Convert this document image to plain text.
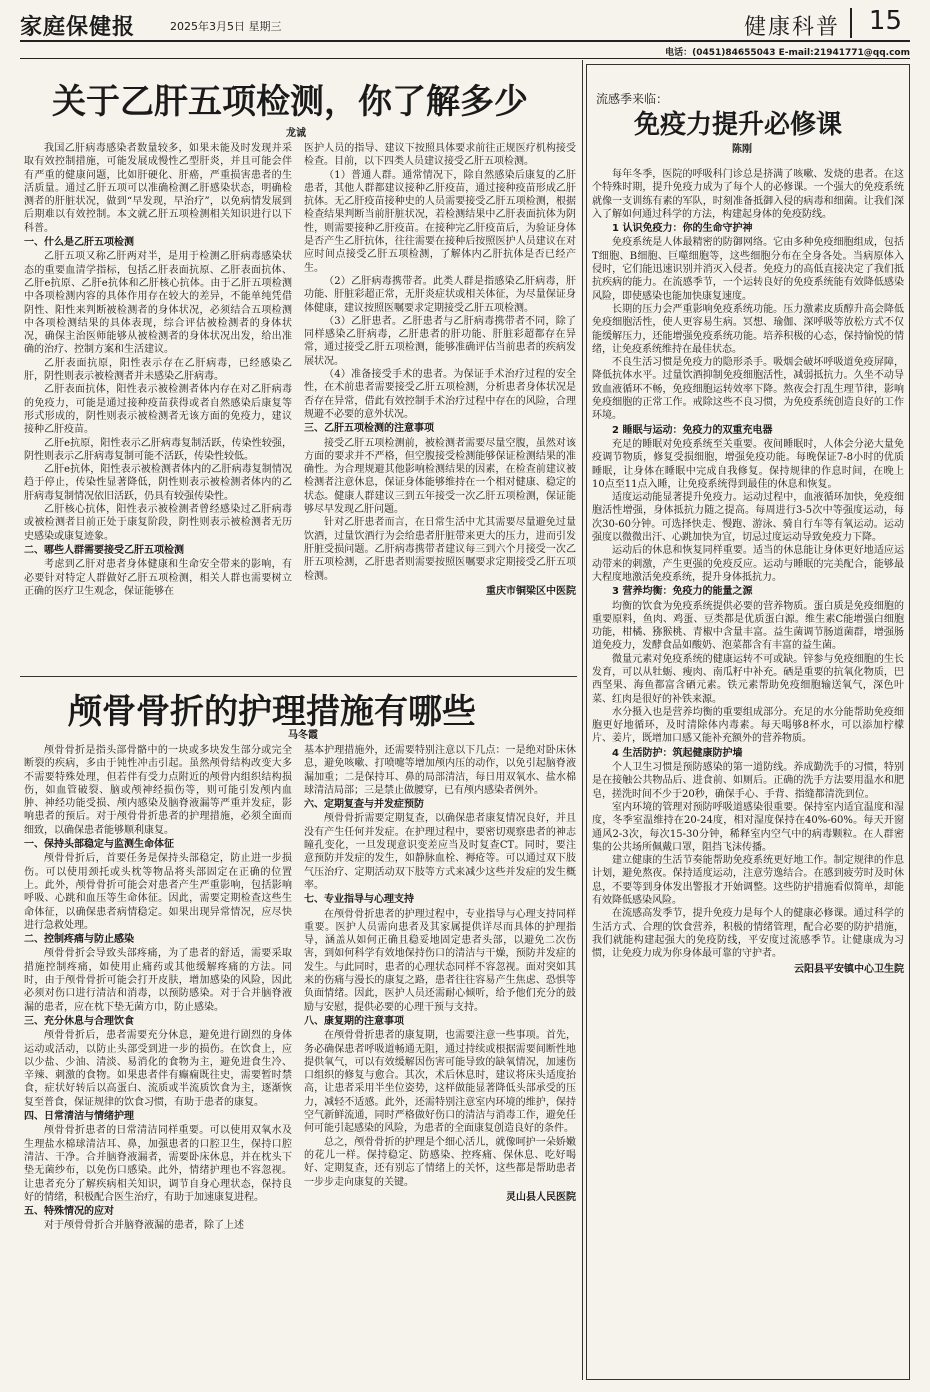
家庭保健报	2025年3月5日 星期三	健康科普 15
电话：(0451)84655043 E-mail:21941771@qq.com
关于乙肝五项检测，你了解多少
龙诚

我国乙肝病毒感染者数量较多，如果未能及时发现并采取有效控制措施，可能发展成慢性乙型肝炎，并且可能会伴有严重的健康问题，比如肝硬化、肝癌，严重损害患者的生活质量。通过乙肝五项可以准确检测乙肝感染状态，明确检测者的肝脏状况，做到“早发现，早治疗”，以免病情发展到后期难以有效控制。本文就乙肝五项检测相关知识进行以下科普。

一、什么是乙肝五项检测

乙肝五项又称乙肝两对半，是用于检测乙肝病毒感染状态的重要血清学指标，包括乙肝表面抗原、乙肝表面抗体、乙肝e抗原、乙肝e抗体和乙肝核心抗体。由于乙肝五项检测中各项检测内容的具体作用存在较大的差异，不能单纯凭借阴性、阳性来判断被检测者的身体状况，必须结合五项检测中各项检测结果的具体表现，综合评估被检测者的身体状况，确保主治医师能够从被检测者的身体状况出发，给出准确的治疗、控制方案和生活建议。

乙肝表面抗原，阳性表示存在乙肝病毒，已经感染乙肝，阴性则表示被检测者并未感染乙肝病毒。

乙肝表面抗体，阳性表示被检测者体内存在对乙肝病毒的免疫力，可能是通过接种疫苗获得或者自然感染后康复等形式形成的，阴性则表示被检测者无该方面的免疫力，建议接种乙肝疫苗。

乙肝e抗原，阳性表示乙肝病毒复制活跃，传染性较强，阴性则表示乙肝病毒复制可能不活跃，传染性较低。

乙肝e抗体，阳性表示被检测者体内的乙肝病毒复制情况趋于停止，传染性显著降低，阴性则表示被检测者体内的乙肝病毒复制情况依旧活跃，仍具有较强传染性。

乙肝核心抗体，阳性表示被检测者曾经感染过乙肝病毒或被检测者目前正处于康复阶段，阴性则表示被检测者无历史感染或康复迹象。

二、哪些人群需要接受乙肝五项检测

考虑到乙肝对患者身体健康和生命安全带来的影响，有必要针对特定人群做好乙肝五项检测，相关人群也需要树立正确的医疗卫生观念，保证能够在

医护人员的指导、建议下按照具体要求前往正规医疗机构接受检查。目前，以下四类人员建议接受乙肝五项检测。

（1）普通人群。通常情况下，除自然感染后康复的乙肝患者，其他人群都建议接种乙肝疫苗，通过接种疫苗形成乙肝抗体。无乙肝疫苗接种史的人员需要接受乙肝五项检测，根据检查结果判断当前肝脏状况，若检测结果中乙肝表面抗体为阴性，则需要接种乙肝疫苗。在接种完乙肝疫苗后，为验证身体是否产生乙肝抗体，往往需要在接种后按照医护人员建议在对应时间点接受乙肝五项检测，了解体内乙肝抗体是否已经产生。

（2）乙肝病毒携带者。此类人群是指感染乙肝病毒，肝功能、肝脏彩超正常，无肝炎症状或相关体征，为尽量保证身体健康，建议按照医嘱要求定期接受乙肝五项检测。

（3）乙肝患者。乙肝患者与乙肝病毒携带者不同，除了同样感染乙肝病毒，乙肝患者的肝功能、肝脏彩超都存在异常，通过接受乙肝五项检测，能够准确评估当前患者的疾病发展状况。

（4）准备接受手术的患者。为保证手术治疗过程的安全性，在术前患者需要接受乙肝五项检测，分析患者身体状况是否存在异常，借此有效控制手术治疗过程中存在的风险，合理规避不必要的意外状况。

三、乙肝五项检测的注意事项

接受乙肝五项检测前，被检测者需要尽量空腹，虽然对该方面的要求并不严格，但空腹接受检测能够保证检测结果的准确性。为合理规避其他影响检测结果的因素，在检查前建议被检测者注意休息，保证身体能够维持在一个相对健康、稳定的状态。健康人群建议三到五年接受一次乙肝五项检测，保证能够尽早发现乙肝问题。

针对乙肝患者而言，在日常生活中尤其需要尽量避免过量饮酒，过量饮酒行为会给患者肝脏带来更大的压力，进而引发肝脏受损问题。乙肝病毒携带者建议每三到六个月接受一次乙肝五项检测，乙肝患者则需要按照医嘱要求定期接受乙肝五项检测。

重庆市铜梁区中医院

颅骨骨折的护理措施有哪些
马冬霞

颅骨骨折是指头部骨骼中的一块或多块发生部分或完全断裂的疾病，多由于钝性冲击引起。虽然颅骨结构改变大多不需要特殊处理，但若伴有受力点附近的颅骨内组织结构损伤，如血管破裂、脑或颅神经损伤等，则可能引发颅内血肿、神经功能受损、颅内感染及脑脊液漏等严重并发症，影响患者的预后。对于颅骨骨折患者的护理措施，必须全面而细致，以确保患者能够顺利康复。

一、保持头部稳定与监测生命体征

颅骨骨折后，首要任务是保持头部稳定，防止进一步损伤。可以使用颈托或头枕等物品将头部固定在正确的位置上。此外，颅骨骨折可能会对患者产生严重影响，包括影响呼吸、心跳和血压等生命体征。因此，需要定期检查这些生命体征，以确保患者病情稳定。如果出现异常情况，应尽快进行急救处理。

二、控制疼痛与防止感染

颅骨骨折会导致头部疼痛，为了患者的舒适，需要采取措施控制疼痛，如使用止痛药或其他缓解疼痛的方法。同时，由于颅骨骨折可能会打开皮肤，增加感染的风险，因此必须对伤口进行清洁和消毒，以预防感染。对于合并脑脊液漏的患者，应在枕下垫无菌方巾，防止感染。

三、充分休息与合理饮食

颅骨骨折后，患者需要充分休息，避免进行剧烈的身体运动或活动，以防止头部受到进一步的损伤。在饮食上，应以少盐、少油、清淡、易消化的食物为主，避免进食生冷、辛辣、刺激的食物。如果患者伴有癫痫既往史，需要暂时禁食，症状好转后以高蛋白、流质或半流质饮食为主，逐渐恢复至普食，保证规律的饮食习惯，有助于患者的康复。

四、日常清洁与情绪护理

颅骨骨折患者的日常清洁同样重要。可以使用双氧水及生理盐水棉球清洁耳、鼻，加强患者的口腔卫生，保持口腔清洁、干净。合并脑脊液漏者，需要卧床休息，并在枕头下垫无菌纱布，以免伤口感染。此外，情绪护理也不容忽视。让患者充分了解疾病相关知识，调节自身心理状态，保持良好的情绪，积极配合医生治疗，有助于加速康复进程。

五、特殊情况的应对

对于颅骨骨折合并脑脊液漏的患者，除了上述

基本护理措施外，还需要特别注意以下几点：一是绝对卧床休息，避免咳嗽、打喷嚏等增加颅内压的动作，以免引起脑脊液漏加重；二是保持耳、鼻的局部清洁，每日用双氧水、盐水棉球清洁局部；三是禁止做腰穿，已有颅内感染者例外。

六、定期复查与并发症预防

颅骨骨折需要定期复查，以确保患者康复情况良好，并且没有产生任何并发症。在护理过程中，要密切观察患者的神志瞳孔变化，一旦发现意识变差应当及时复查CT。同时，要注意预防并发症的发生，如静脉血栓、褥疮等。可以通过双下肢气压治疗、定期活动双下肢等方式来减少这些并发症的发生概率。

七、专业指导与心理支持

在颅骨骨折患者的护理过程中，专业指导与心理支持同样重要。医护人员需向患者及其家属提供详尽而具体的护理指导，涵盖从如何正确且稳妥地固定患者头部，以避免二次伤害，到如何科学有效地保持伤口的清洁与干燥，预防并发症的发生。与此同时，患者的心理状态同样不容忽视。面对突如其来的伤痛与漫长的康复之路，患者往往容易产生焦虑、恐惧等负面情绪。因此，医护人员还需耐心倾听，给予他们充分的鼓励与安慰，提供必要的心理干预与支持。

八、康复期的注意事项

在颅骨骨折患者的康复期，也需要注意一些事项。首先，务必确保患者呼吸道畅通无阻，通过持续或根据需要间断性地提供氧气，可以有效缓解因伤害可能导致的缺氧情况，加速伤口组织的修复与愈合。其次，术后休息时，建议将床头适度抬高，让患者采用半坐位姿势，这样做能显著降低头部承受的压力，减轻不适感。此外，还需特别注意室内环境的维护，保持空气新鲜流通，同时严格做好伤口的清洁与消毒工作，避免任何可能引起感染的风险，为患者的全面康复创造良好的条件。

总之，颅骨骨折的护理是个细心活儿，就像呵护一朵娇嫩的花儿一样。保持稳定、防感染、控疼痛、保休息、吃好喝好、定期复查，还有别忘了情绪上的关怀，这些都是帮助患者一步步走向康复的关键。

灵山县人民医院

流感季来临：
免疫力提升必修课
陈刚

每年冬季，医院的呼吸科门诊总是挤满了咳嗽、发烧的患者。在这个特殊时期，提升免疫力成为了每个人的必修课。一个强大的免疫系统就像一支训练有素的军队，时刻准备抵御入侵的病毒和细菌。让我们深入了解如何通过科学的方法，构建起身体的免疫防线。

1 认识免疫力：你的生命守护神

免疫系统是人体最精密的防御网络。它由多种免疫细胞组成，包括T细胞、B细胞、巨噬细胞等，这些细胞分布在全身各处。当病原体入侵时，它们能迅速识别并消灭入侵者。免疫力的高低直接决定了我们抵抗疾病的能力。在流感季节，一个运转良好的免疫系统能有效降低感染风险，即使感染也能加快康复速度。

长期的压力会严重影响免疫系统功能。压力激素皮质醇升高会降低免疫细胞活性，使人更容易生病。冥想、瑜伽、深呼吸等放松方式不仅能缓解压力，还能增强免疫系统功能。培养积极的心态，保持愉悦的情绪，让免疫系统维持在最佳状态。

不良生活习惯是免疫力的隐形杀手。吸烟会破坏呼吸道免疫屏障，降低抗体水平。过量饮酒抑制免疫细胞活性，减弱抵抗力。久坐不动导致血液循环不畅，免疫细胞运转效率下降。熬夜会打乱生理节律，影响免疫细胞的正常工作。戒除这些不良习惯，为免疫系统创造良好的工作环境。

2 睡眠与运动：免疫力的双重充电器

充足的睡眠对免疫系统至关重要。夜间睡眠时，人体会分泌大量免疫调节物质，修复受损细胞，增强免疫功能。每晚保证7-8小时的优质睡眠，让身体在睡眠中完成自我修复。保持规律的作息时间，在晚上10点至11点入睡，让免疫系统得到最佳的休息和恢复。

适度运动能显著提升免疫力。运动过程中，血液循环加快，免疫细胞活性增强，身体抵抗力随之提高。每周进行3-5次中等强度运动，每次30-60分钟。可选择快走、慢跑、游泳、骑自行车等有氧运动。运动强度以微微出汗、心跳加快为宜，切忌过度运动导致免疫力下降。

运动后的休息和恢复同样重要。适当的休息能让身体更好地适应运动带来的刺激，产生更强的免疫反应。运动与睡眠的完美配合，能够最大程度地激活免疫系统，提升身体抵抗力。

3 营养均衡：免疫力的能量之源

均衡的饮食为免疫系统提供必要的营养物质。蛋白质是免疫细胞的重要原料，鱼肉、鸡蛋、豆类都是优质蛋白源。维生素C能增强白细胞功能，柑橘、猕猴桃、青椒中含量丰富。益生菌调节肠道菌群，增强肠道免疫力，发酵食品如酸奶、泡菜都含有丰富的益生菌。

微量元素对免疫系统的健康运转不可或缺。锌参与免疫细胞的生长发育，可以从牡蛎、瘦肉、南瓜籽中补充。硒是重要的抗氧化物质，巴西坚果、海鱼都富含硒元素。铁元素帮助免疫细胞输送氧气，深色叶菜、红肉是很好的补铁来源。

水分摄入也是营养均衡的重要组成部分。充足的水分能帮助免疫细胞更好地循环，及时清除体内毒素。每天喝够8杯水，可以添加柠檬片、姜片，既增加口感又能补充额外的营养物质。

4 生活防护：筑起健康防护墙

个人卫生习惯是预防感染的第一道防线。养成勤洗手的习惯，特别是在接触公共物品后、进食前、如厕后。正确的洗手方法要用温水和肥皂，搓洗时间不少于20秒，确保手心、手背、指缝都清洗到位。

室内环境的管理对预防呼吸道感染很重要。保持室内适宜温度和湿度，冬季室温维持在20-24度，相对湿度保持在40%-60%。每天开窗通风2-3次，每次15-30分钟，稀释室内空气中的病毒颗粒。在人群密集的公共场所佩戴口罩，阻挡飞沫传播。

建立健康的生活节奏能帮助免疫系统更好地工作。制定规律的作息计划，避免熬夜。保持适度运动，注意劳逸结合。在感到疲劳时及时休息，不要等到身体发出警报才开始调整。这些防护措施看似简单，却能有效降低感染风险。

在流感高发季节，提升免疫力是每个人的健康必修课。通过科学的生活方式、合理的饮食营养，积极的情绪管理，配合必要的防护措施，我们就能构建起强大的免疫防线，平安度过流感季节。让健康成为习惯，让免疫力成为你身体最可靠的守护者。

云阳县平安镇中心卫生院
